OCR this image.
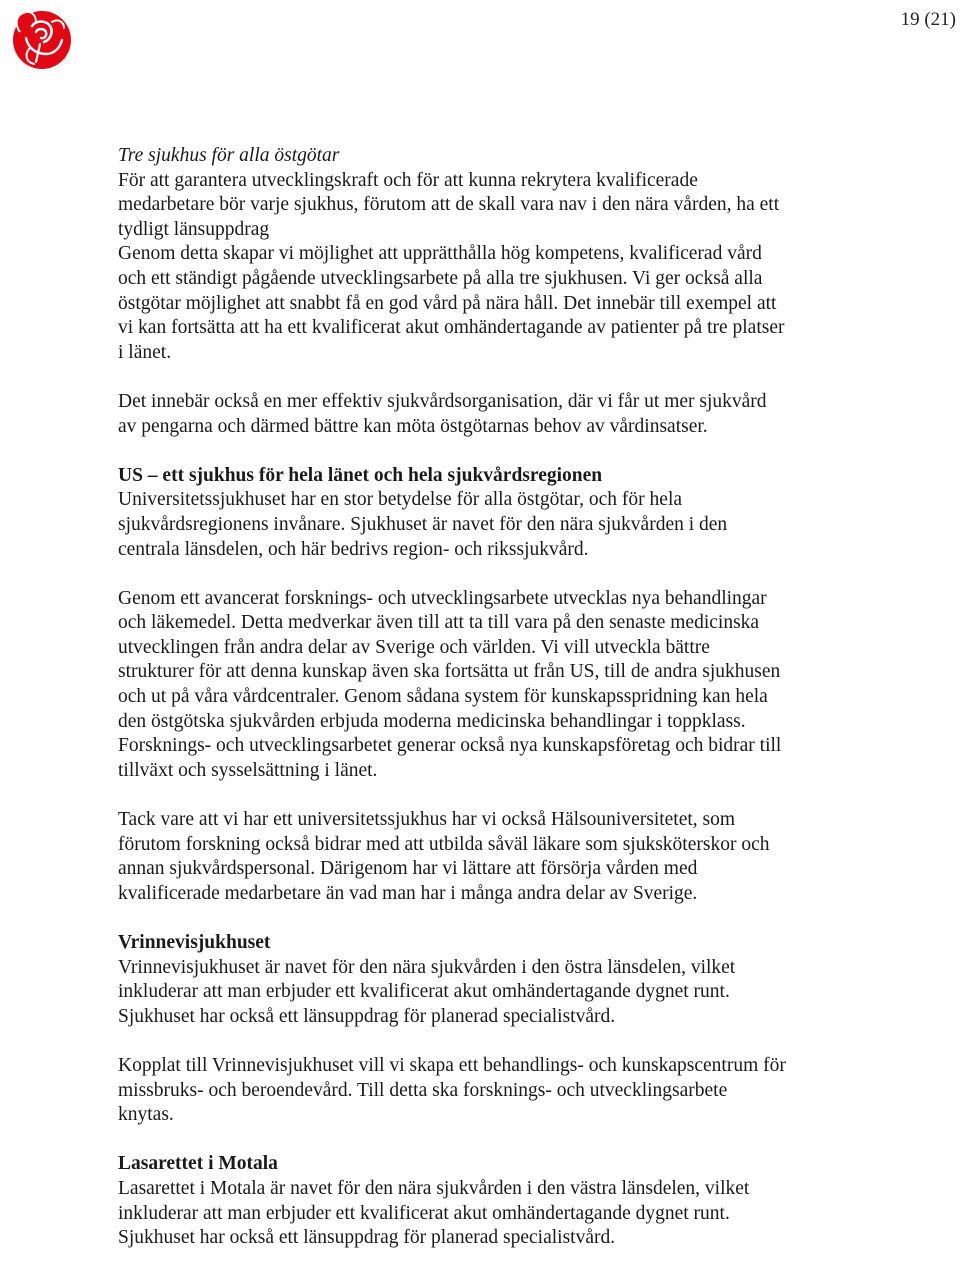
19 (21)

Tre sjukhus för alla östgötar
För att garantera utvecklingskraft och för att kunna rekrytera kvalificerade
medarbetare bör varje sjukhus, förutom att de skall vara nav i den nära vården, ha ett
tydligt länsuppdrag

Genom detta skapar vi möjlighet att upprätthålla hög kompetens, kvalificerad vård
och ett ständigt pågående utvecklingsarbete på alla tre sjukhusen. Vi ger också alla
östgötar möjlighet att snabbt få en god vård på nära håll. Det innebär till exempel att
vi kan fortsätta att ha ett kvalificerat akut omhändertagande av patienter på tre platser
i länet.

Det innebär också en mer effektiv sjukvårdsorganisation, där vi får ut mer sjukvård
av pengarna och därmed bättre kan möta östgötarnas behov av vårdinsatser.

US – ett sjukhus för hela länet och hela sjukvårdsregionen
Universitetssjukhuset har en stor betydelse för alla östgötar, och för hela
sjukvårdsregionens invånare. Sjukhuset är navet för den nära sjukvården i den
centrala länsdelen, och här bedrivs region- och rikssjukvård.

Genom ett avancerat forsknings- och utvecklingsarbete utvecklas nya behandlingar
och läkemedel. Detta medverkar även till att ta till vara på den senaste medicinska
utvecklingen från andra delar av Sverige och världen. Vi vill utveckla bättre
strukturer för att denna kunskap även ska fortsätta ut från US, till de andra sjukhusen
och ut på våra vårdcentraler. Genom sådana system för kunskapsspridning kan hela
den östgötska sjukvården erbjuda moderna medicinska behandlingar i toppklass.
Forsknings- och utvecklingsarbetet generar också nya kunskapsföretag och bidrar till
tillväxt och sysselsättning i länet.

Tack vare att vi har ett universitetssjukhus har vi också Hälsouniversitetet, som
förutom forskning också bidrar med att utbilda såväl läkare som sjuksköterskor och
annan sjukvårdspersonal. Därigenom har vi lättare att försörja vården med
kvalificerade medarbetare än vad man har i många andra delar av Sverige.

Vrinnevisjukhuset
Vrinnevisjukhuset är navet för den nära sjukvården i den östra länsdelen, vilket
inkluderar att man erbjuder ett kvalificerat akut omhändertagande dygnet runt.
Sjukhuset har också ett länsuppdrag för planerad specialistvård.

Kopplat till Vrinnevisjukhuset vill vi skapa ett behandlings- och kunskapscentrum för
missbruks- och beroendevård. Till detta ska forsknings- och utvecklingsarbete
knytas.

Lasarettet i Motala
Lasarettet i Motala är navet för den nära sjukvården i den västra länsdelen, vilket
inkluderar att man erbjuder ett kvalificerat akut omhändertagande dygnet runt.
Sjukhuset har också ett länsuppdrag för planerad specialistvård.
